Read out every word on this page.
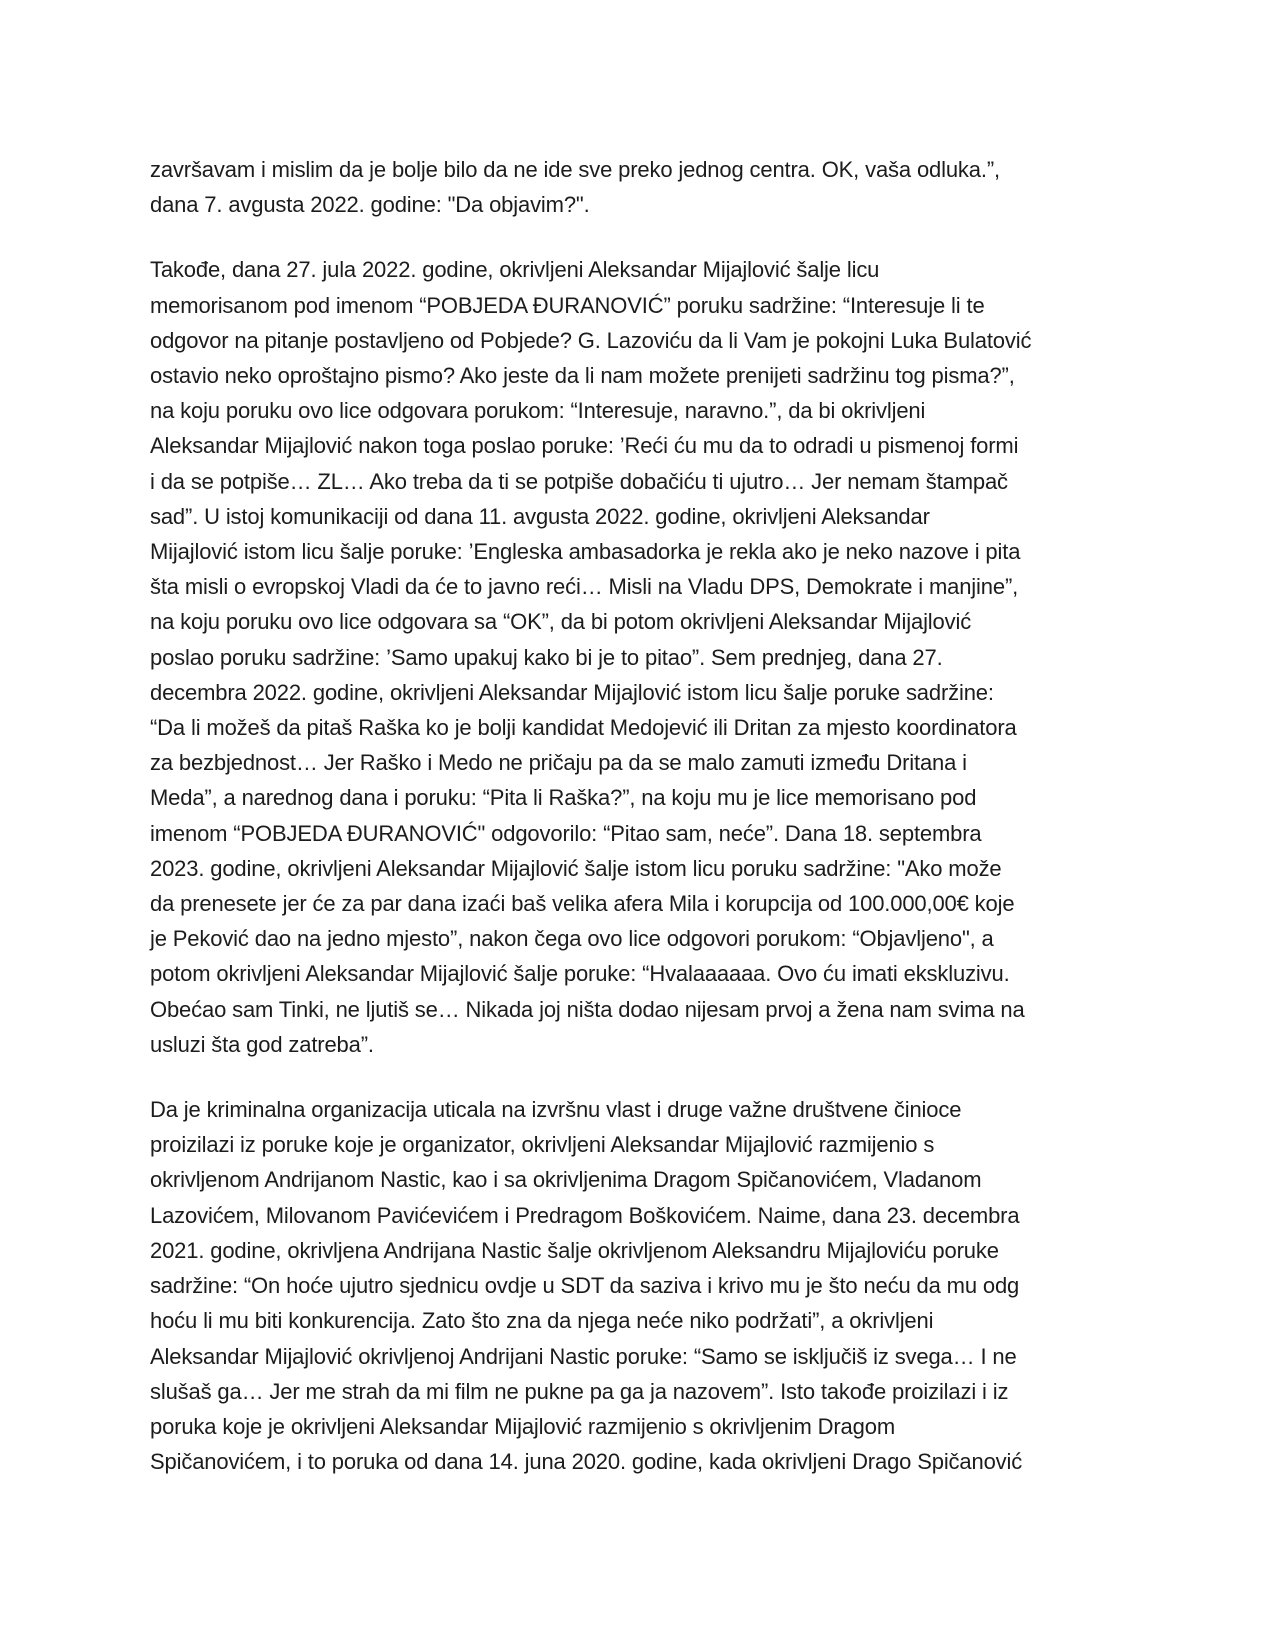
završavam i mislim da je bolje bilo da ne ide sve preko jednog centra. OK, vaša odluka.”,
dana 7. avgusta 2022. godine: "Da objavim?".

Takođe, dana 27. jula 2022. godine, okrivljeni Aleksandar Mijajlović šalje licu
memorisanom pod imenom “POBJEDA ĐURANOVIĆ” poruku sadržine: “Interesuje li te
odgovor na pitanje postavljeno od Pobjede? G. Lazoviću da li Vam je pokojni Luka Bulatović
ostavio neko oproštajno pismo? Ako jeste da li nam možete prenijeti sadržinu tog pisma?”,
na koju poruku ovo lice odgovara porukom: “Interesuje, naravno.”, da bi okrivljeni
Aleksandar Mijajlović nakon toga poslao poruke: ’Reći ću mu da to odradi u pismenoj formi
i da se potpiše… ZL… Ako treba da ti se potpiše dobačiću ti ujutro… Jer nemam štampač
sad”. U istoj komunikaciji od dana 11. avgusta 2022. godine, okrivljeni Aleksandar
Mijajlović istom licu šalje poruke: ’Engleska ambasadorka je rekla ako je neko nazove i pita
šta misli o evropskoj Vladi da će to javno reći… Misli na Vladu DPS, Demokrate i manjine”,
na koju poruku ovo lice odgovara sa “OK”, da bi potom okrivljeni Aleksandar Mijajlović
poslao poruku sadržine: ’Samo upakuj kako bi je to pitao”. Sem prednjeg, dana 27.
decembra 2022. godine, okrivljeni Aleksandar Mijajlović istom licu šalje poruke sadržine:
“Da li možeš da pitaš Raška ko je bolji kandidat Medojević ili Dritan za mjesto koordinatora
za bezbjednost… Jer Raško i Medo ne pričaju pa da se malo zamuti između Dritana i
Meda”, a narednog dana i poruku: “Pita li Raška?”, na koju mu je lice memorisano pod
imenom “POBJEDA ĐURANOVIĆ" odgovorilo: “Pitao sam, neće”. Dana 18. septembra
2023. godine, okrivljeni Aleksandar Mijajlović šalje istom licu poruku sadržine: "Ako može
da prenesete jer će za par dana izaći baš velika afera Mila i korupcija od 100.000,00€ koje
je Peković dao na jedno mjesto”, nakon čega ovo lice odgovori porukom: “Objavljeno", a
potom okrivljeni Aleksandar Mijajlović šalje poruke: “Hvalaaaaaa. Ovo ću imati ekskluzivu.
Obećao sam Tinki, ne ljutiš se… Nikada joj ništa dodao nijesam prvoj a žena nam svima na
usluzi šta god zatreba”.

Da je kriminalna organizacija uticala na izvršnu vlast i druge važne društvene činioce
proizilazi iz poruke koje je organizator, okrivljeni Aleksandar Mijajlović razmijenio s
okrivljenom Andrijanom Nastic, kao i sa okrivljenima Dragom Spičanovićem, Vladanom
Lazovićem, Milovanom Pavićevićem i Predragom Boškovićem. Naime, dana 23. decembra
2021. godine, okrivljena Andrijana Nastic šalje okrivljenom Aleksandru Mijajloviću poruke
sadržine: “On hoće ujutro sjednicu ovdje u SDT da saziva i krivo mu je što neću da mu odg
hoću li mu biti konkurencija. Zato što zna da njega neće niko podržati”, a okrivljeni
Aleksandar Mijajlović okrivljenoj Andrijani Nastic poruke: “Samo se isključiš iz svega… I ne
slušaš ga… Jer me strah da mi film ne pukne pa ga ja nazovem”. Isto takođe proizilazi i iz
poruka koje je okrivljeni Aleksandar Mijajlović razmijenio s okrivljenim Dragom
Spičanovićem, i to poruka od dana 14. juna 2020. godine, kada okrivljeni Drago Spičanović
